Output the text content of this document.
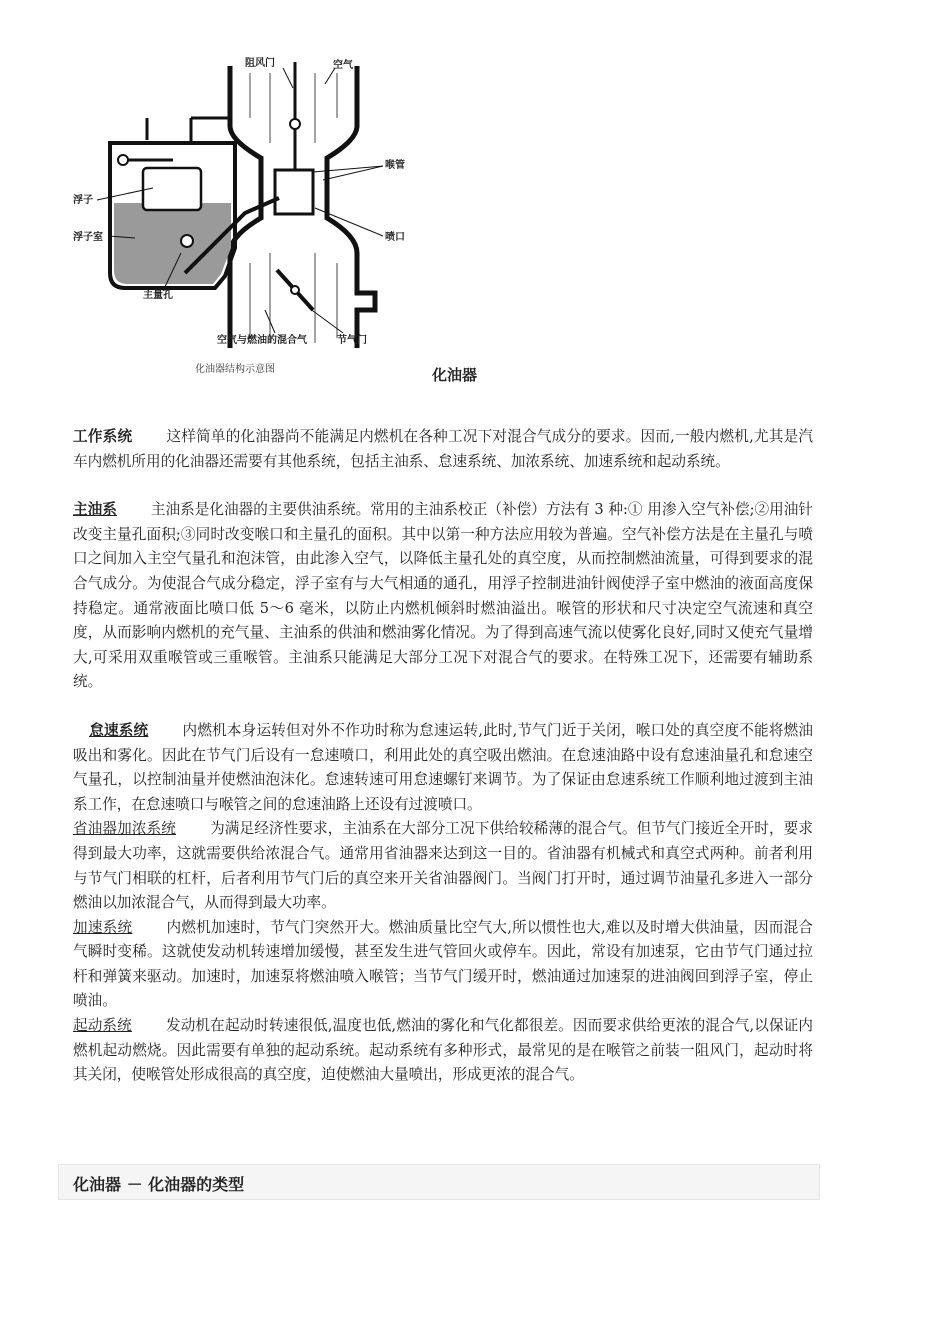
阻风门	空气
喉管
浮子
浮子室	喷口
主量孔
空气与燃油的混合气	节气门
化油器结构示意图	化油器

工作系统 这样简单的化油器尚不能满足内燃机在各种工况下对混合气成分的要求。因而,一般内燃机,尤其是汽车内燃机所用的化油器还需要有其他系统，包括主油系、怠速系统、加浓系统、加速系统和起动系统。

主油系 主油系是化油器的主要供油系统。常用的主油系校正（补偿）方法有 3 种:① 用渗入空气补偿;②用油针改变主量孔面积;③同时改变喉口和主量孔的面积。其中以第一种方法应用较为普遍。空气补偿方法是在主量孔与喷口之间加入主空气量孔和泡沫管，由此渗入空气，以降低主量孔处的真空度，从而控制燃油流量，可得到要求的混合气成分。为使混合气成分稳定，浮子室有与大气相通的通孔，用浮子控制进油针阀使浮子室中燃油的液面高度保持稳定。通常液面比喷口低 5～6 毫米，以防止内燃机倾斜时燃油溢出。喉管的形状和尺寸决定空气流速和真空度，从而影响内燃机的充气量、主油系的供油和燃油雾化情况。为了得到高速气流以使雾化良好,同时又使充气量增大,可采用双重喉管或三重喉管。主油系只能满足大部分工况下对混合气的要求。在特殊工况下，还需要有辅助系统。

怠速系统 内燃机本身运转但对外不作功时称为怠速运转,此时,节气门近于关闭，喉口处的真空度不能将燃油吸出和雾化。因此在节气门后设有一怠速喷口，利用此处的真空吸出燃油。在怠速油路中设有怠速油量孔和怠速空气量孔，以控制油量并使燃油泡沫化。怠速转速可用怠速螺钉来调节。为了保证由怠速系统工作顺利地过渡到主油系工作，在怠速喷口与喉管之间的怠速油路上还设有过渡喷口。

省油器加浓系统 为满足经济性要求，主油系在大部分工况下供给较稀薄的混合气。但节气门接近全开时，要求得到最大功率，这就需要供给浓混合气。通常用省油器来达到这一目的。省油器有机械式和真空式两种。前者利用与节气门相联的杠杆，后者利用节气门后的真空来开关省油器阀门。当阀门打开时，通过调节油量孔多进入一部分燃油以加浓混合气，从而得到最大功率。

加速系统 内燃机加速时，节气门突然开大。燃油质量比空气大,所以惯性也大,难以及时增大供油量，因而混合气瞬时变稀。这就使发动机转速增加缓慢，甚至发生进气管回火或停车。因此，常设有加速泵，它由节气门通过拉杆和弹簧来驱动。加速时，加速泵将燃油喷入喉管；当节气门缓开时，燃油通过加速泵的进油阀回到浮子室，停止喷油。

起动系统 发动机在起动时转速很低,温度也低,燃油的雾化和气化都很差。因而要求供给更浓的混合气,以保证内燃机起动燃烧。因此需要有单独的起动系统。起动系统有多种形式，最常见的是在喉管之前装一阻风门，起动时将其关闭，使喉管处形成很高的真空度，迫使燃油大量喷出，形成更浓的混合气。

化油器 － 化油器的类型
